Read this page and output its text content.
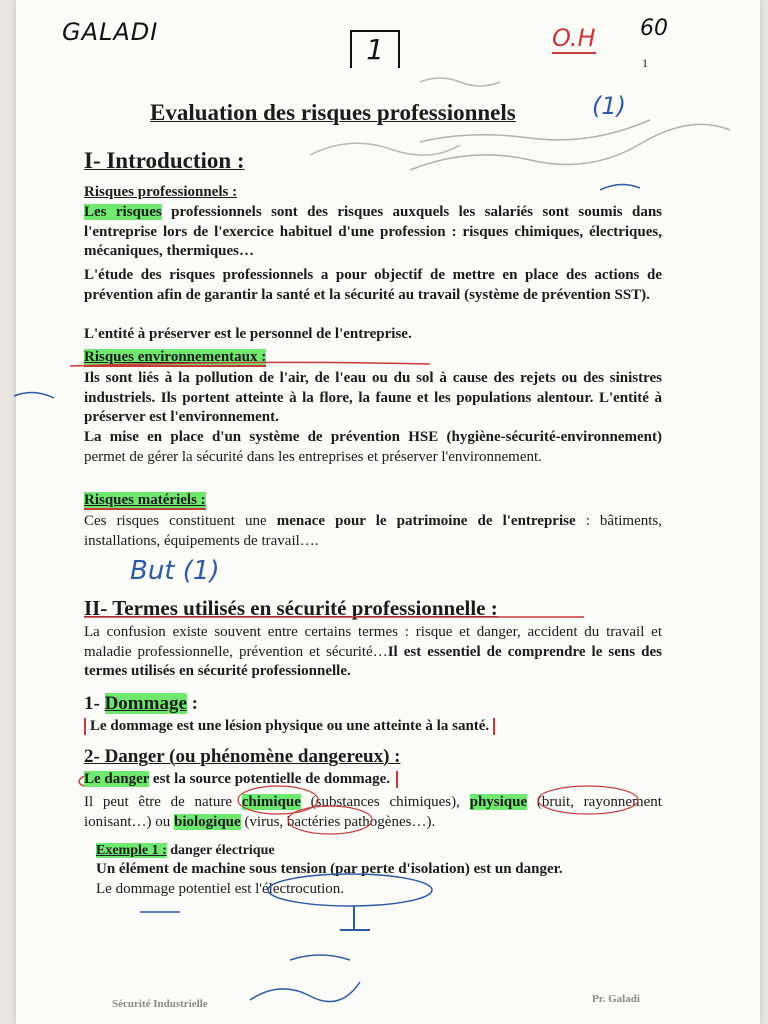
GALADI
1	O.H 60
1
Evaluation des risques professionnels	(1)
I- Introduction :
Risques professionnels :
Les risques professionnels sont des risques auxquels les salariés sont soumis dans l'entreprise lors de l'exercice habituel d'une profession : risques chimiques, électriques, mécaniques, thermiques…
L'étude des risques professionnels a pour objectif de mettre en place des actions de prévention afin de garantir la santé et la sécurité au travail (système de prévention SST).
L'entité à préserver est le personnel de l'entreprise.
Risques environnementaux :
Ils sont liés à la pollution de l'air, de l'eau ou du sol à cause des rejets ou des sinistres industriels. Ils portent atteinte à la flore, la faune et les populations alentour. L'entité à préserver est l'environnement.
La mise en place d'un système de prévention HSE (hygiène-sécurité-environnement) permet de gérer la sécurité dans les entreprises et préserver l'environnement.
Risques matériels :
Ces risques constituent une menace pour le patrimoine de l'entreprise : bâtiments, installations, équipements de travail….
But (1)
II- Termes utilisés en sécurité professionnelle :
La confusion existe souvent entre certains termes : risque et danger, accident du travail et maladie professionnelle, prévention et sécurité…Il est essentiel de comprendre le sens des termes utilisés en sécurité professionnelle.
1- Dommage :
Le dommage est une lésion physique ou une atteinte à la santé.
2- Danger (ou phénomène dangereux) :
Le danger est la source potentielle de dommage.
Il peut être de nature chimique (substances chimiques), physique (bruit, rayonnement ionisant…) ou biologique (virus, bactéries pathogènes…).
Exemple 1 : danger électrique
Un élément de machine sous tension (par perte d'isolation) est un danger.
Le dommage potentiel est l'électrocution.
Sécurité Industrielle	Pr. Galadi
